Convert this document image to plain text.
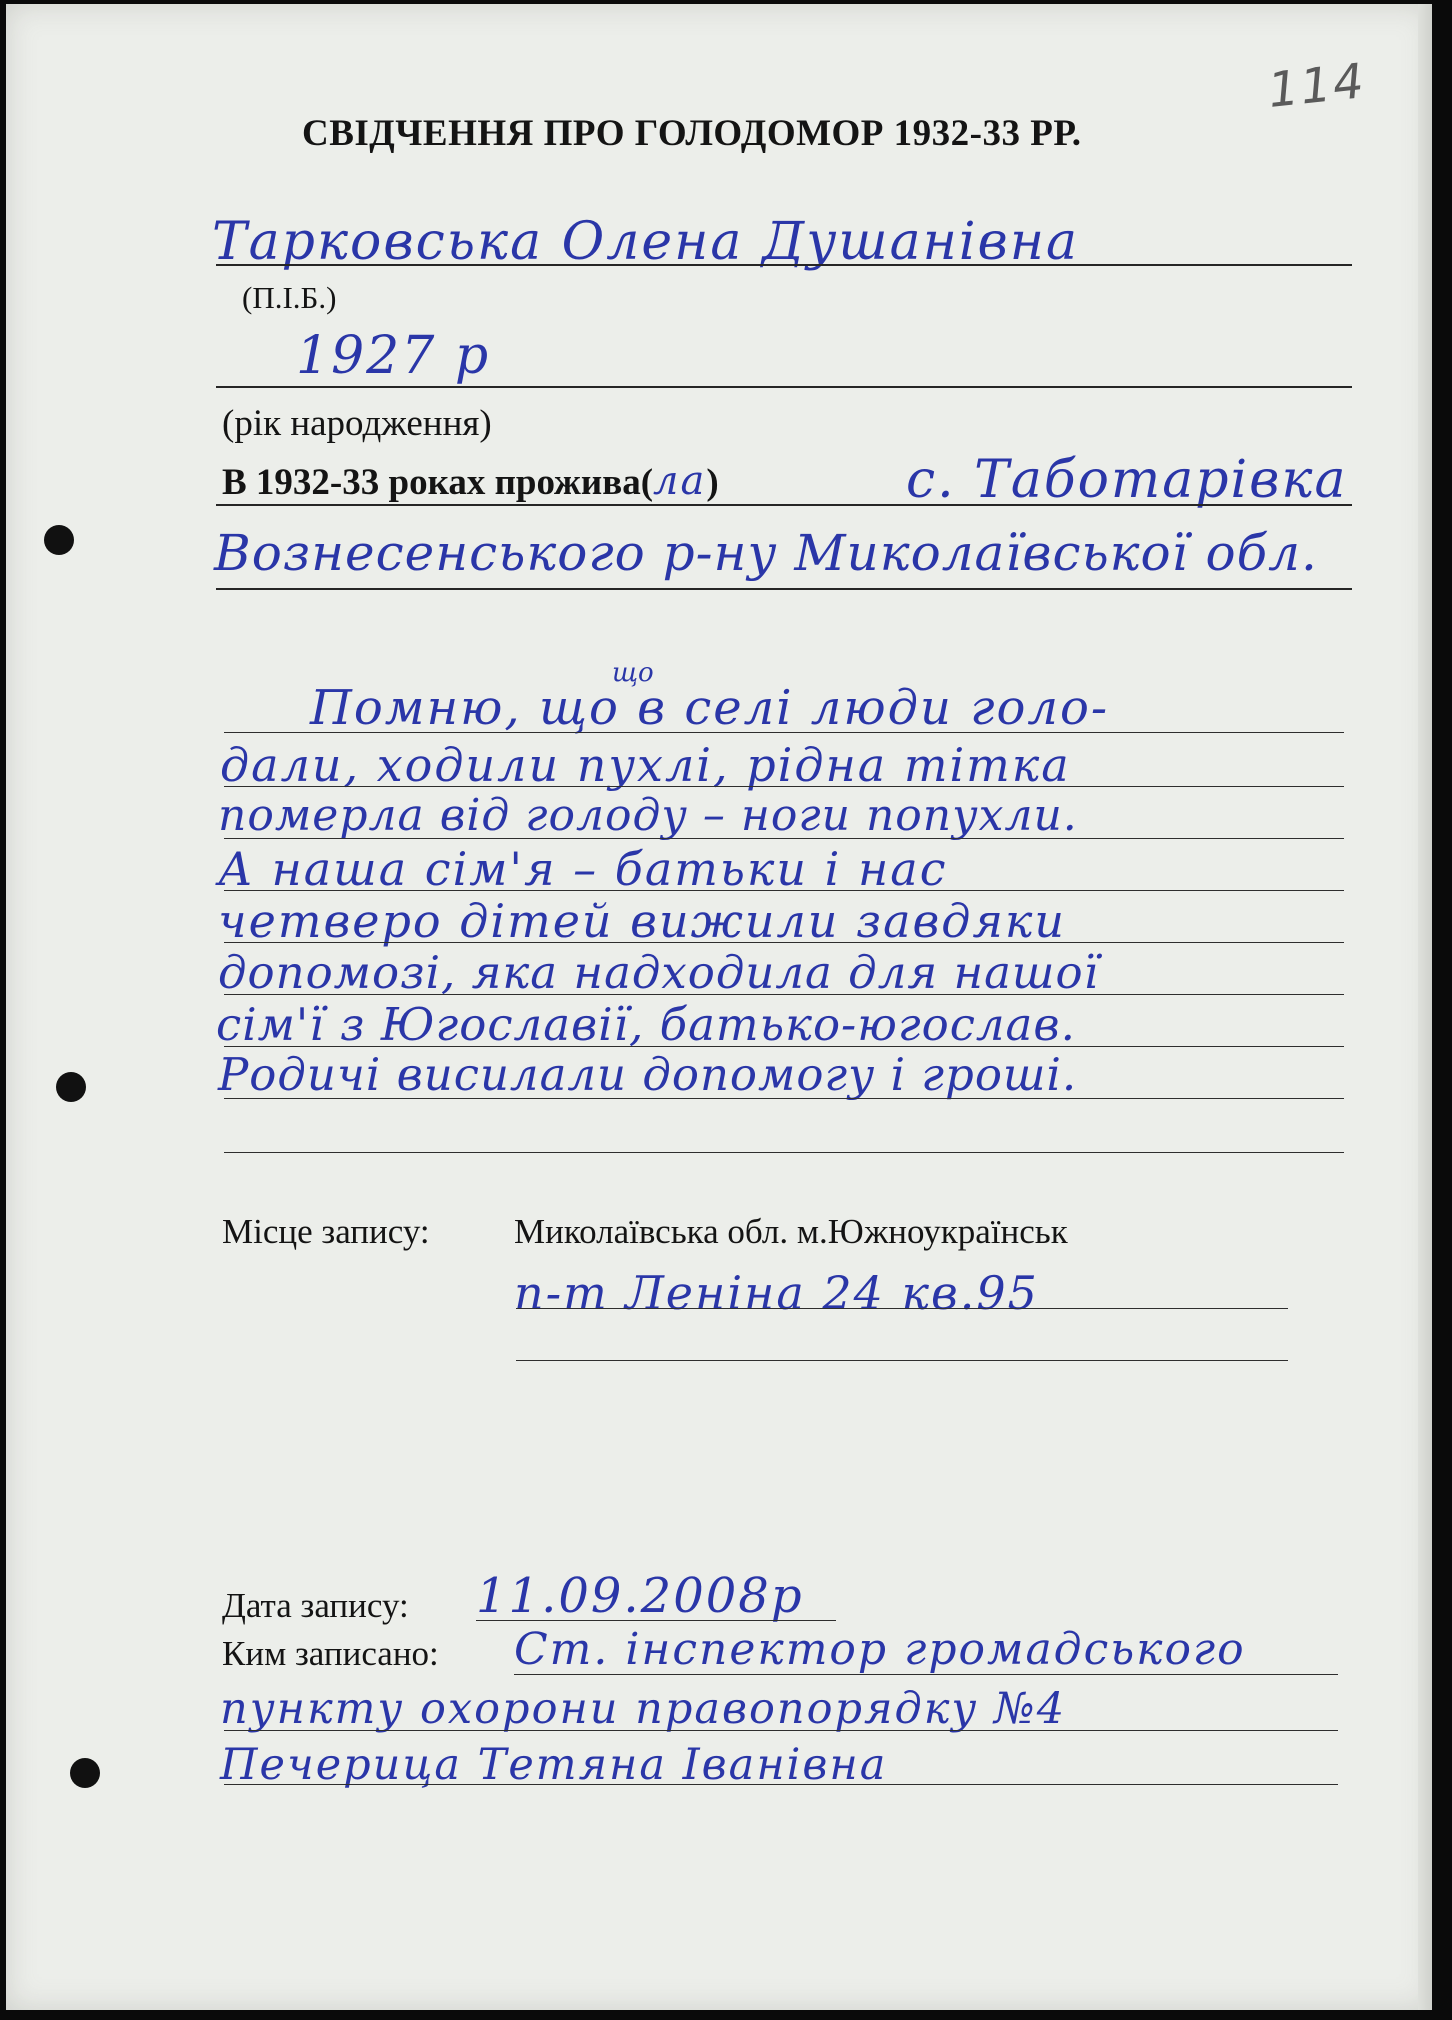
114
СВІДЧЕННЯ ПРО ГОЛОДОМОР 1932-33 РР.
Тарковська Олена Душанівна
(П.І.Б.)
1927 р
(рік народження)
В 1932-33 роках прожива(ла)	с. Таботарівка
Вознесенського р-ну Миколаївської обл.
що
Помню, що в селі люди голо-
дали, ходили пухлі, рідна тітка
померла від голоду – ноги попухли.
А наша сім'я – батьки і нас
четверо дітей вижили завдяки
допомозі, яка надходила для нашої
сім'ї з Югославії, батько-югослав.
Родичі висилали допомогу і гроші.
Місце запису: Миколаївська обл. м.Южноукраїнськ
п-т Леніна 24 кв.95
Дата запису: 11.09.2008р
Ким записано: Ст. інспектор громадського
пункту охорони правопорядку №4
Печерица Тетяна Іванівна
